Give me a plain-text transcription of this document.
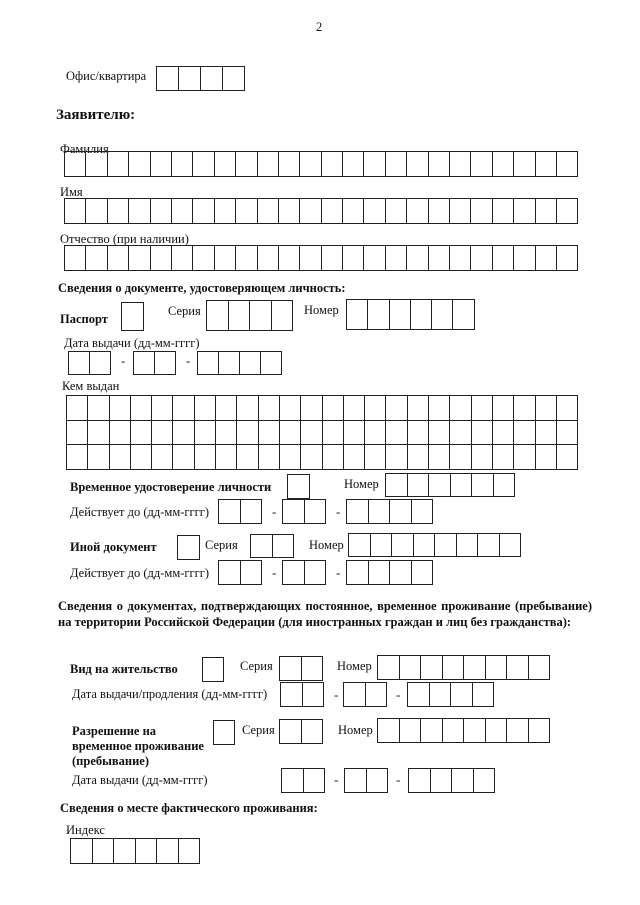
2
Офис/квартира
Заявителю:
Фамилия
Имя
Отчество (при наличии)
Сведения о документе, удостоверяющем личность:
Паспорт
Серия	Номер
Дата выдачи (дд-мм-гггг)
-	-
Кем выдан
Временное удостоверение личности	Номер
Действует до (дд-мм-гггг)	-	-
Иной документ	Серия	Номер
Действует до (дд-мм-гггг)	-	-
Сведения о документах, подтверждающих постоянное, временное проживание (пребывание) на территории Российской Федерации (для иностранных граждан и лиц без гражданства):
Вид на жительство	Серия	Номер
Дата выдачи/продления (дд-мм-гггг)	-	-
Разрешение на
временное проживание
(пребывание)
Серия	Номер
Дата выдачи (дд-мм-гггг)	-	-
Сведения о месте фактического проживания:
Индекс
